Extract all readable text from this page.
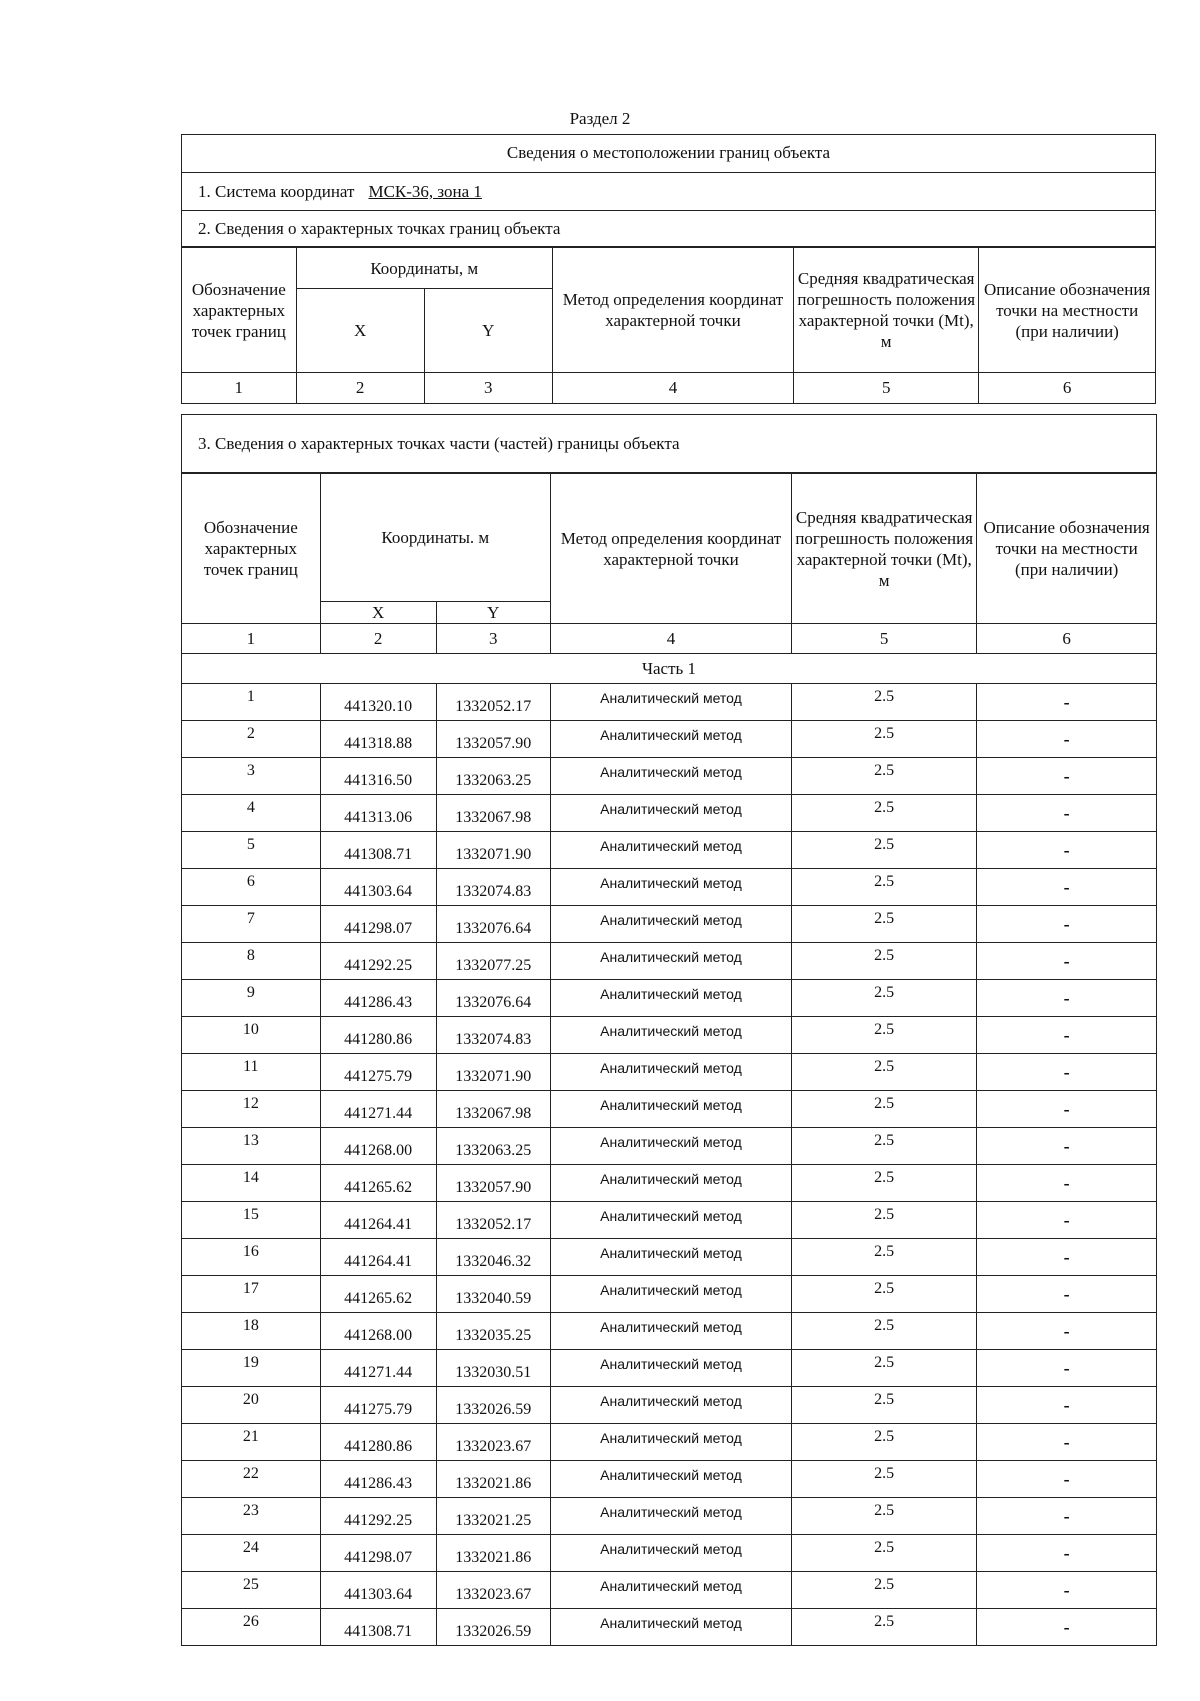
Раздел 2
Сведения о местоположении границ объекта
1. Система координат МСК-36, зона 1
2. Сведения о характерных точках границ объекта
Обозначение характерных точек границ	Координаты, м		Метод определения координат характерной точки	Средняя квадратическая погрешность положения характерной точки (Mt), м	Описание обозначения точки на местности (при наличии)
	X	Y			
1	2	3	4	5	6
3. Сведения о характерных точках части (частей) границы объекта
Обозначение характерных точек границ	Координаты. м		Метод определения координат характерной точки	Средняя квадратическая погрешность положения характерной точки (Mt), м	Описание обозначения точки на местности (при наличии)
	X	Y			
1	2	3	4	5	6
Часть 1					
1	441320.10	1332052.17	Аналитический метод	2.5	-
2	441318.88	1332057.90	Аналитический метод	2.5	-
3	441316.50	1332063.25	Аналитический метод	2.5	-
4	441313.06	1332067.98	Аналитический метод	2.5	-
5	441308.71	1332071.90	Аналитический метод	2.5	-
6	441303.64	1332074.83	Аналитический метод	2.5	-
7	441298.07	1332076.64	Аналитический метод	2.5	-
8	441292.25	1332077.25	Аналитический метод	2.5	-
9	441286.43	1332076.64	Аналитический метод	2.5	-
10	441280.86	1332074.83	Аналитический метод	2.5	-
11	441275.79	1332071.90	Аналитический метод	2.5	-
12	441271.44	1332067.98	Аналитический метод	2.5	-
13	441268.00	1332063.25	Аналитический метод	2.5	-
14	441265.62	1332057.90	Аналитический метод	2.5	-
15	441264.41	1332052.17	Аналитический метод	2.5	-
16	441264.41	1332046.32	Аналитический метод	2.5	-
17	441265.62	1332040.59	Аналитический метод	2.5	-
18	441268.00	1332035.25	Аналитический метод	2.5	-
19	441271.44	1332030.51	Аналитический метод	2.5	-
20	441275.79	1332026.59	Аналитический метод	2.5	-
21	441280.86	1332023.67	Аналитический метод	2.5	-
22	441286.43	1332021.86	Аналитический метод	2.5	-
23	441292.25	1332021.25	Аналитический метод	2.5	-
24	441298.07	1332021.86	Аналитический метод	2.5	-
25	441303.64	1332023.67	Аналитический метод	2.5	-
26	441308.71	1332026.59	Аналитический метод	2.5	-
